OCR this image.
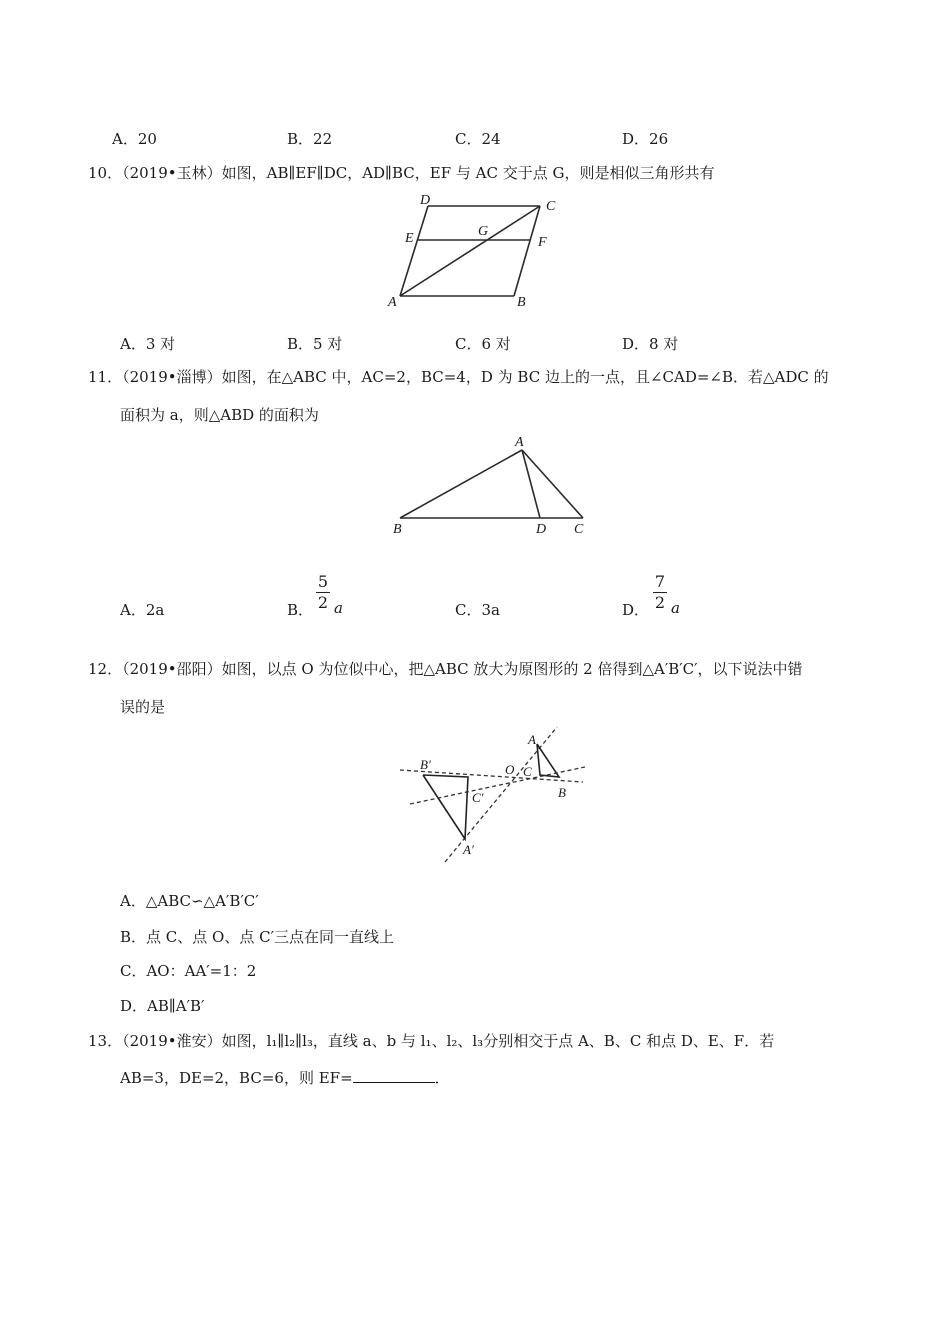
A．20	B．22	C．24	D．26
10．（2019•玉林）如图，AB∥EF∥DC，AD∥BC，EF 与 AC 交于点 G，则是相似三角形共有
D	C
E	G
F
A	B
A．3 对	B．5 对	C．6 对	D．8 对
11．（2019•淄博）如图，在△ABC 中，AC=2，BC=4，D 为 BC 边上的一点，且∠CAD=∠B．若△ADC 的
面积为 a，则△ABD 的面积为
A
B	D C
A．2a	B．
5
2 a	C．3a	D．
7
2 a
12．（2019•邵阳）如图，以点 O 为位似中心，把△ABC 放大为原图形的 2 倍得到△A′B′C′，以下说法中错
误的是
A
O C
B
B′
C′
A′
A．△ABC∽△A′B′C′
B．点 C、点 O、点 C′三点在同一直线上
C．AO：AA′=1：2
D．AB∥A′B′
13．（2019•淮安）如图，l₁∥l₂∥l₃，直线 a、b 与 l₁、l₂、l₃分别相交于点 A、B、C 和点 D、E、F．若
AB=3，DE=2，BC=6，则 EF=	．
